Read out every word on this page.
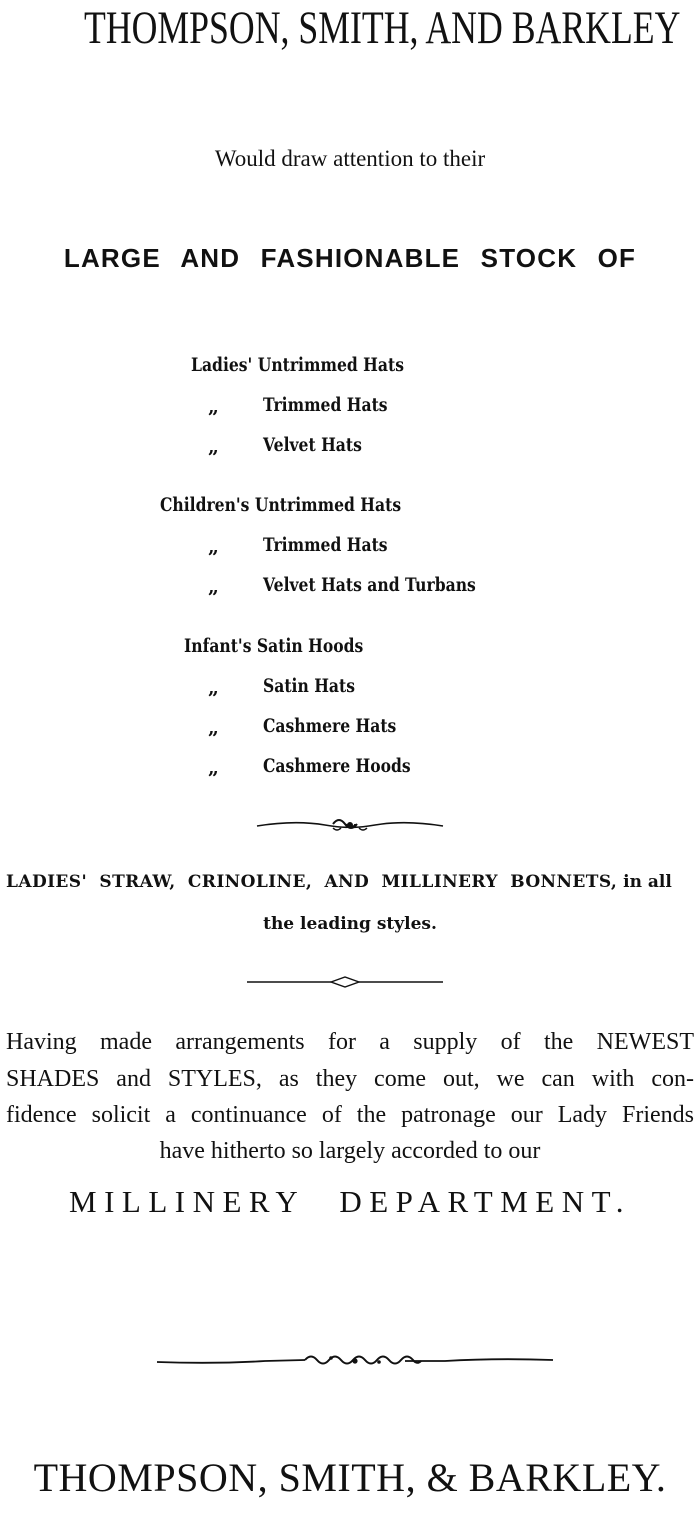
THOMPSON, SMITH, AND BARKLEY
Would draw attention to their
LARGE AND FASHIONABLE STOCK OF
Ladies' Untrimmed Hats
„ Trimmed Hats
„ Velvet Hats
Children's Untrimmed Hats
„ Trimmed Hats
„ Velvet Hats and Turbans
Infant's Satin Hoods
„ Satin Hats
„ Cashmere Hats
„ Cashmere Hoods
LADIES' STRAW, CRINOLINE, AND MILLINERY BONNETS, in all
the leading styles.
Having made arrangements for a supply of the NEWEST
SHADES and STYLES, as they come out, we can with con-
fidence solicit a continuance of the patronage our Lady Friends
have hitherto so largely accorded to our
MILLINERY DEPARTMENT.
THOMPSON, SMITH, & BARKLEY.
